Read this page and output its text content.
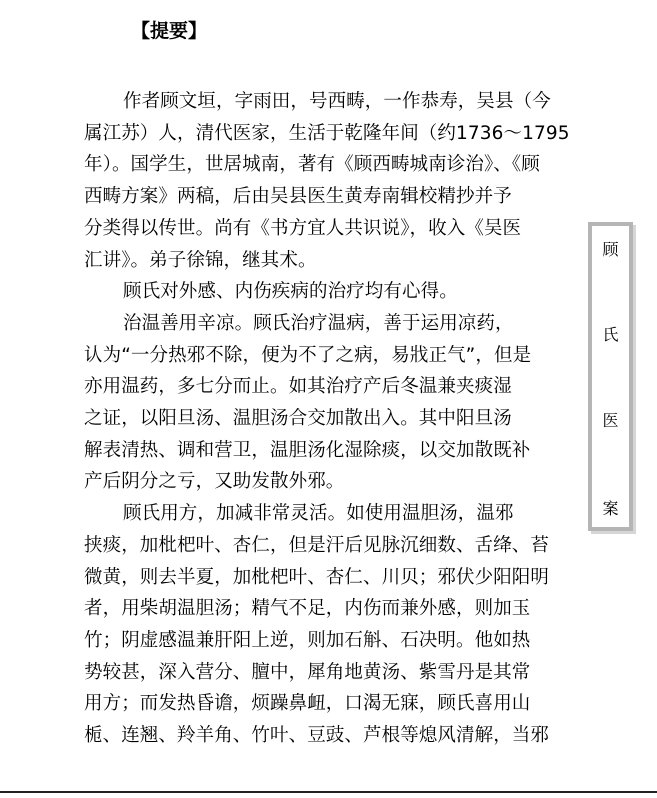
【提要】

作者顾文垣，字雨田，号西畴，一作恭寿，吴县（今
属江苏）人，清代医家，生活于乾隆年间（约1736～1795
年）。国学生，世居城南，著有《顾西畴城南诊治》、《顾
西畴方案》两稿，后由吴县医生黄寿南辑校精抄并予
分类得以传世。尚有《书方宜人共识说》，收入《吴医
汇讲》。弟子徐锦，继其术。

顾氏对外感、内伤疾病的治疗均有心得。

治温善用辛凉。顾氏治疗温病，善于运用凉药，
认为“一分热邪不除，便为不了之病，易戕正气”，但是
亦用温药，多七分而止。如其治疗产后冬温兼夹痰湿
之证，以阳旦汤、温胆汤合交加散出入。其中阳旦汤
解表清热、调和营卫，温胆汤化湿除痰，以交加散既补
产后阴分之亏，又助发散外邪。

顾氏用方，加减非常灵活。如使用温胆汤，温邪
挟痰，加枇杷叶、杏仁，但是汗后见脉沉细数、舌绛、苔
微黄，则去半夏，加枇杷叶、杏仁、川贝；邪伏少阳阳明
者，用柴胡温胆汤；精气不足，内伤而兼外感，则加玉
竹；阴虚感温兼肝阳上逆，则加石斛、石决明。他如热
势较甚，深入营分、膻中，犀角地黄汤、紫雪丹是其常
用方；而发热昏谵，烦躁鼻衄，口渴无寐，顾氏喜用山
栀、连翘、羚羊角、竹叶、豆豉、芦根等熄风清解，当邪

顾
氏
医
案
